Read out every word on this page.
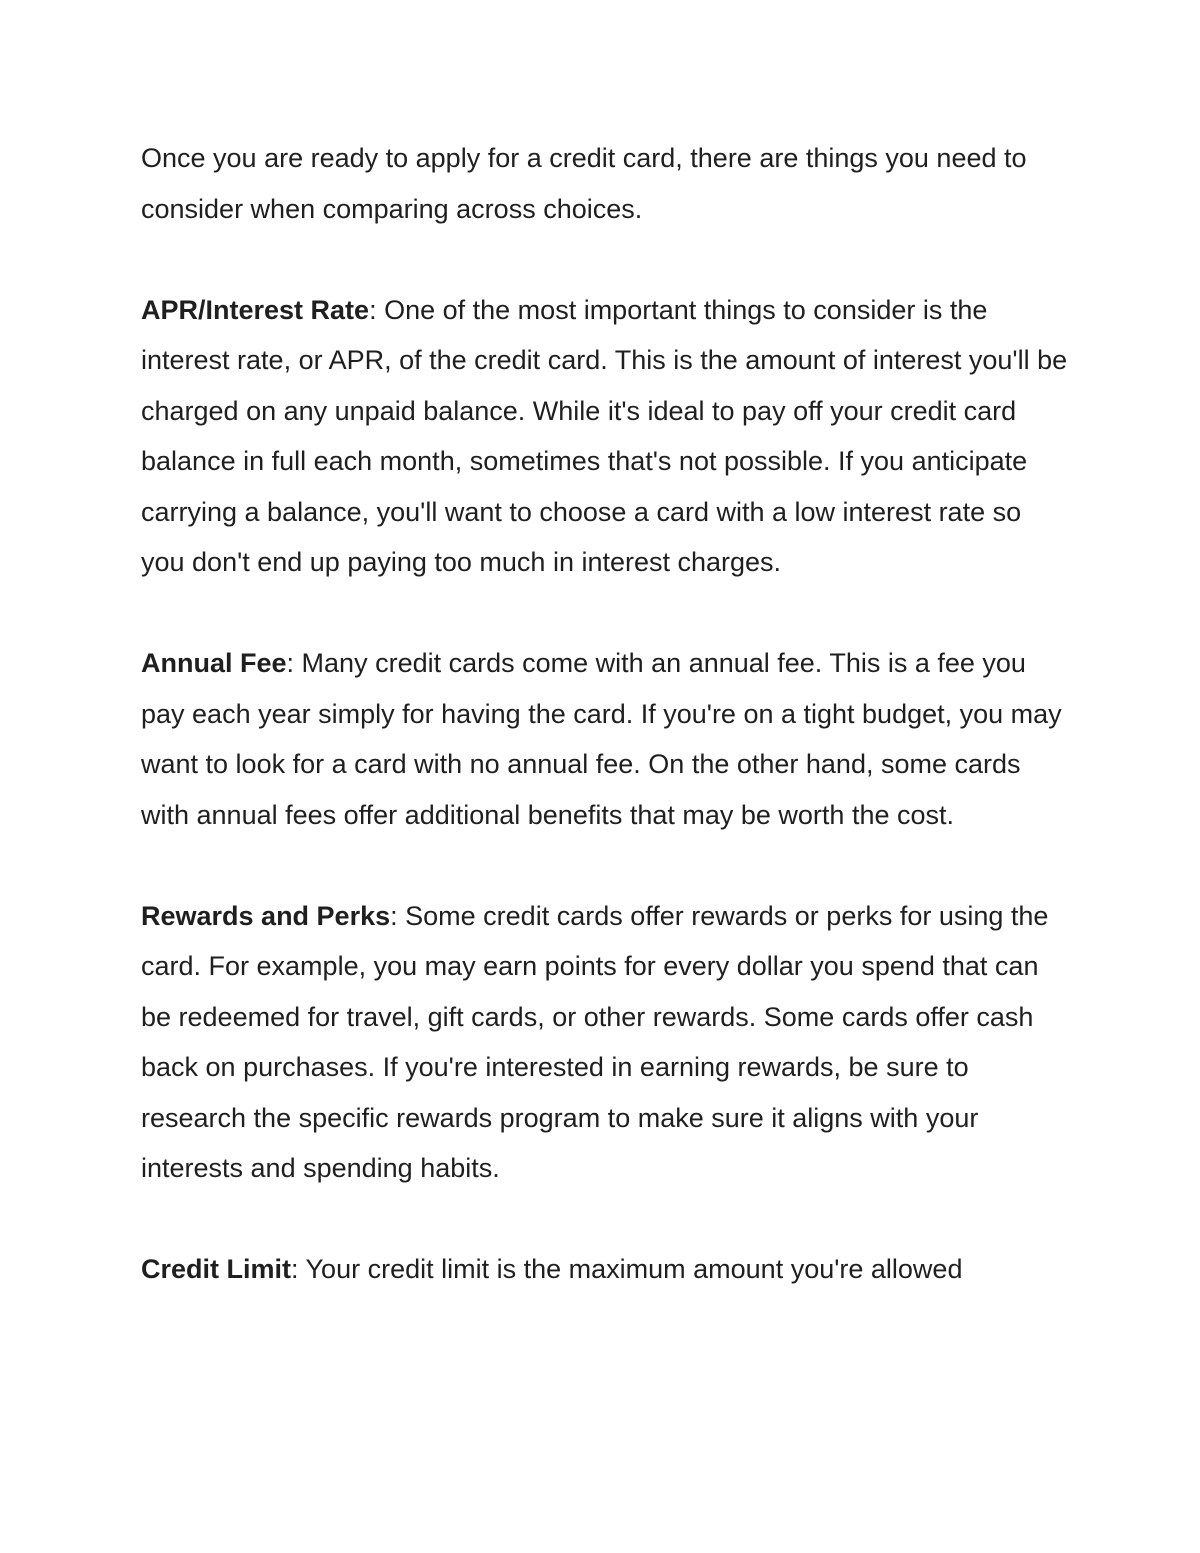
Once you are ready to apply for a credit card, there are things you need to consider when comparing across choices.

APR/Interest Rate: One of the most important things to consider is the interest rate, or APR, of the credit card. This is the amount of interest you'll be charged on any unpaid balance. While it's ideal to pay off your credit card balance in full each month, sometimes that's not possible. If you anticipate carrying a balance, you'll want to choose a card with a low interest rate so you don't end up paying too much in interest charges.

Annual Fee: Many credit cards come with an annual fee. This is a fee you pay each year simply for having the card. If you're on a tight budget, you may want to look for a card with no annual fee. On the other hand, some cards with annual fees offer additional benefits that may be worth the cost.

Rewards and Perks: Some credit cards offer rewards or perks for using the card. For example, you may earn points for every dollar you spend that can be redeemed for travel, gift cards, or other rewards. Some cards offer cash back on purchases. If you're interested in earning rewards, be sure to research the specific rewards program to make sure it aligns with your interests and spending habits.

Credit Limit: Your credit limit is the maximum amount you're allowed
